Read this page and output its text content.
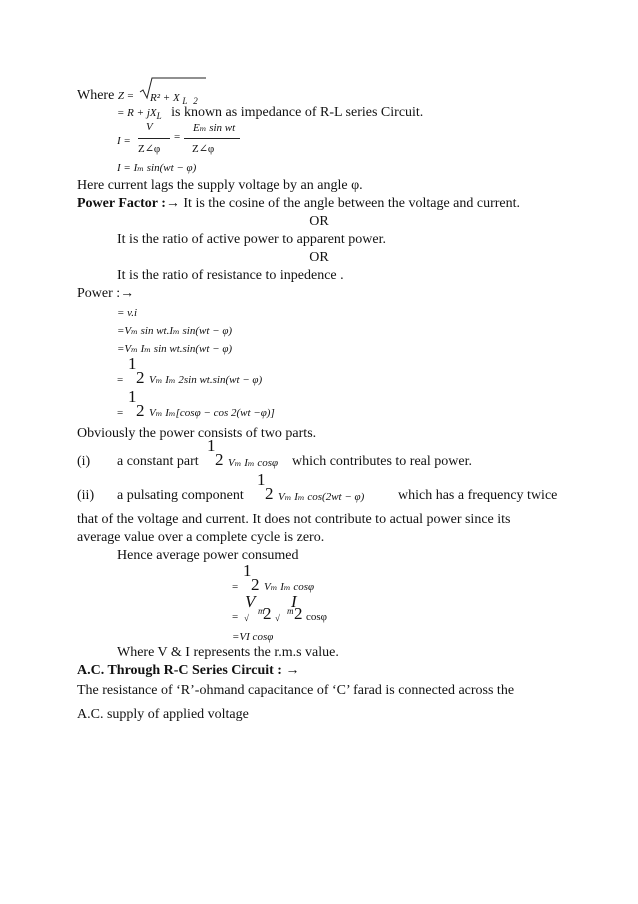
Where Z = R² + X $_L$ $_2$
= $R + jX_L$ is known as impedance of R-L series Circuit.
I =
V
Z∠φ
=
Eₘ sin wt
Z∠φ
I = Iₘ sin(wt − φ)
Here current lags the supply voltage by an angle φ.
Power Factor :→ It is the cosine of the angle between the voltage and current.
OR
It is the ratio of active power to apparent power.
OR
It is the ratio of resistance to inpedence .
Power :→
= v.i
=Vₘ sin wt.Iₘ sin(wt − φ)
=Vₘ Iₘ sin wt.sin(wt − φ)
=
1
2 Vₘ Iₘ 2sin wt.sin(wt − φ)
=
1
2 Vₘ Iₘ[cosφ − cos 2(wt −φ)]
Obviously the power consists of two parts.
(i) a constant part
1
2 Vₘ Iₘ cosφ which contributes to real power.
(ii) a pulsating component
1
2 Vₘ Iₘ cos(2wt − φ) which has a frequency twice
that of the voltage and current. It does not contribute to actual power since its
average value over a complete cycle is zero.
Hence average power consumed
=
1
2 Vₘ Iₘ cosφ
=
V m
2
√
I
√
m 2 cosφ
=VI cosφ
Where V & I represents the r.m.s value.
A.C. Through R-C Series Circuit : →
The resistance of ‘R’-ohmand capacitance of ‘C’ farad is connected across the
A.C. supply of applied voltage
